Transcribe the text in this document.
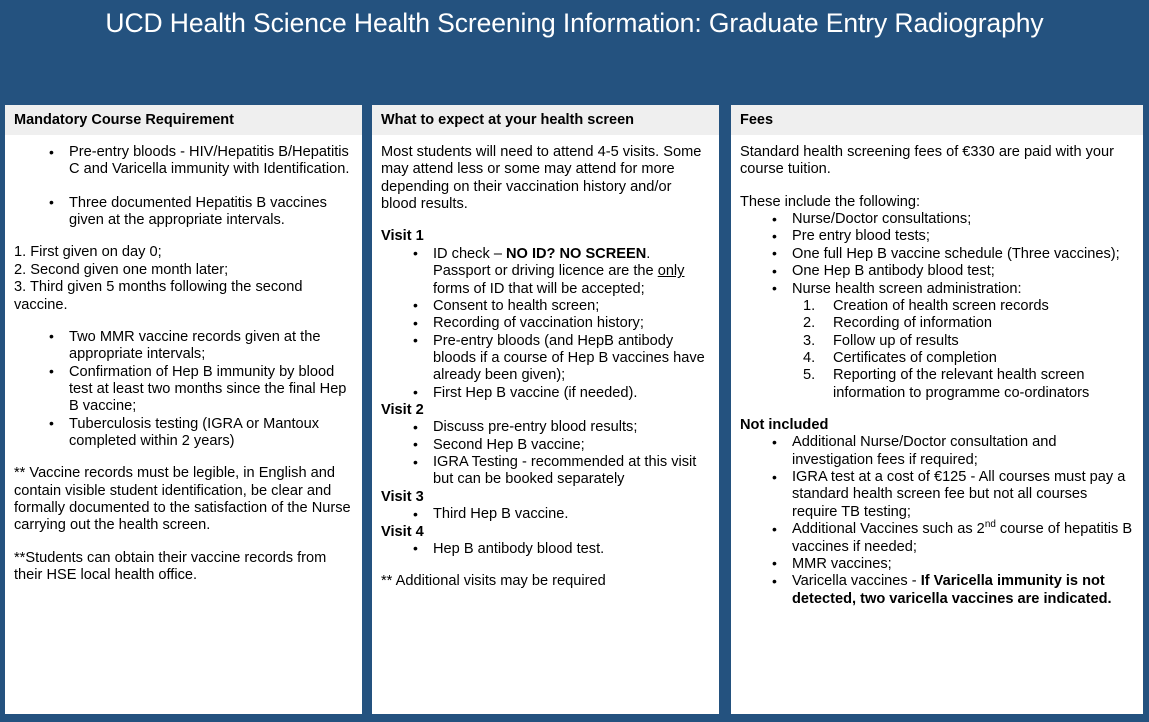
UCD Health Science Health Screening Information: Graduate Entry Radiography
Mandatory Course Requirement
• Pre-entry bloods - HIV/Hepatitis B/Hepatitis C and Varicella immunity with Identification.
• Three documented Hepatitis B vaccines given at the appropriate intervals.

1. First given on day 0;

2. Second given one month later;

3. Third given 5 months following the second vaccine.

• Two MMR vaccine records given at the appropriate intervals;
• Confirmation of Hep B immunity by blood test at least two months since the final Hep B vaccine;
• Tuberculosis testing (IGRA or Mantoux completed within 2 years)

** Vaccine records must be legible, in English and contain visible student identification, be clear and formally documented to the satisfaction of the Nurse carrying out the health screen.

**Students can obtain their vaccine records from their HSE local health office.

What to expect at your health screen

Most students will need to attend 4-5 visits. Some may attend less or some may attend for more depending on their vaccination history and/or blood results.

Visit 1

• ID check – NO ID? NO SCREEN. Passport or driving licence are the only forms of ID that will be accepted;
• Consent to health screen;
• Recording of vaccination history;
• Pre-entry bloods (and HepB antibody bloods if a course of Hep B vaccines have already been given);
• First Hep B vaccine (if needed).

Visit 2

• Discuss pre-entry blood results;
• Second Hep B vaccine;
• IGRA Testing - recommended at this visit but can be booked separately

Visit 3

• Third Hep B vaccine.

Visit 4

• Hep B antibody blood test.

** Additional visits may be required

Fees

Standard health screening fees of €330 are paid with your course tuition.

These include the following:

• Nurse/Doctor consultations;
• Pre entry blood tests;
• One full Hep B vaccine schedule (Three vaccines);
• One Hep B antibody blood test;
• Nurse health screen administration:
Creation of health screen records
Recording of information
Follow up of results
Certificates of completion
Reporting of the relevant health screen information to programme co-ordinators

Not included

• Additional Nurse/Doctor consultation and investigation fees if required;
• IGRA test at a cost of €125 - All courses must pay a standard health screen fee but not all courses require TB testing;
• Additional Vaccines such as 2nd course of hepatitis B vaccines if needed;
• MMR vaccines;
• Varicella vaccines - If Varicella immunity is not detected, two varicella vaccines are indicated.
